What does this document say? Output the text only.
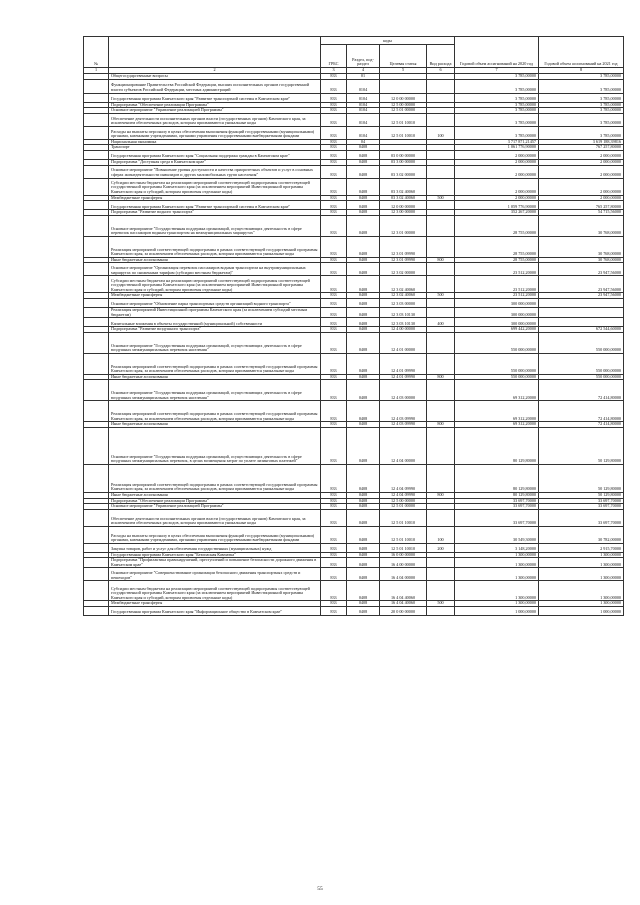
№		коды				Годовой объем ассигнований на 2020 год	Годовой объем ассигнований на 2021 год
		ГРБС	Раздел, под-раздел	Целевая статья	Вид расхода		
1	2	3	4	5	6	7	8
	Общегосударственные вопросы	833	01			3 785,00000	3 785,00000
	Функционирование Правительства Российской Федерации, высших исполнительных органов государственной власти субъектов Российской Федерации, местных администраций	833	0104			3 785,00000	3 785,00000
	Государственная программа Камчатского края "Развитие транспортной системы в Камчатском крае"	833	0104	12 0 00 00000		3 785,00000	3 785,00000
	Подпрограмма "Обеспечение реализации Программы"	833	0104	12 5 00 00000		3 785,00000	3 785,00000
	Основное мероприятие "Управление реализацией Программы"	833	0104	12 5 01 00000		3 785,00000	3 785,00000
	Обеспечение деятельности исполнительных органов власти (государственных органов) Камчатского края, за исключением обеспеченных расходов, которым присваиваются уникальные коды	833	0104	12 5 01 10010		3 785,00000	3 785,00000
	Расходы на выплаты персоналу в целях обеспечения выполнения функций государственными (муниципальными) органами, казенными учреждениями, органами управления государственными внебюджетными фондами	833	0104	12 5 01 10010	100	3 785,00000	3 785,00000
	Национальная экономика	833	04			3 717 871,21457	3 619 188,39816
	Транспорт	833	0408			1 061 776,90000	767 257,80000
	Государственная программа Камчатского края "Социальная поддержка граждан в Камчатском крае"	833	0408	03 0 00 00000		2 000,00000	2 000,00000
	Подпрограмма "Доступная среда в Камчатском крае"	833	0408	03 3 00 00000		2 000,00000	2 000,00000
	Основное мероприятие "Повышение уровня доступности и качества приоритетных объектов и услуг в основных сферах жизнедеятельности инвалидов и других маломобильных групп населения"	833	0408	03 3 02 00000		2 000,00000	2 000,00000
	Субсидии местным бюджетам на реализацию мероприятий соответствующей подпрограммы соответствующей государственной программы Камчатского края (за исключением мероприятий Инвестиционной программы Камчатского края и субсидий, которым присвоены отдельные коды)	833	0408	03 3 02 40060		2 000,00000	2 000,00000
	Межбюджетные трансферты	833	0408	03 3 02 40060	500	2 000,00000	2 000,00000
	Государственная программа Камчатского края "Развитие транспортной системы в Камчатском крае"	833	0408	12 0 00 00000		1 059 776,90000	765 257,80000
	Подпрограмма "Развитие водного транспорта"	833	0408	12 3 00 00000		352 267,20000	54 715,56000
	Основное мероприятие "Государственная поддержка организаций, осуществляющих деятельность в сфере перевозок пассажиров водным транспортом на межмуниципальных маршрутах"	833	0408	12 3 01 00000		28 755,00000	30 768,00000
	Реализация мероприятий соответствующей подпрограммы в рамках соответствующей государственной программы Камчатского края, за исключением обеспеченных расходов, которым присваиваются уникальные коды	833	0408	12 3 01 09990		28 755,00000	30 768,00000
	Иные бюджетные ассигнования	833	0408	12 3 01 09990	800	28 755,00000	30 768,00000
	Основное мероприятие "Организация перевозок пассажиров водным транспортом на внутримуниципальных маршрутах по сниженным тарифам (субсидии местным бюджетам)"	833	0408	12 3 02 00000		23 512,20000	23 947,56000
	Субсидии местным бюджетам на реализацию мероприятий соответствующей подпрограммы соответствующей государственной программы Камчатского края (за исключением мероприятий Инвестиционной программы Камчатского края и субсидий, которым присвоены отдельные коды)	833	0408	12 3 02 40060		23 512,20000	23 947,56000
	Межбюджетные трансферты	833	0408	12 3 02 40060	500	23 512,20000	23 947,56000
	Основное мероприятие "Обновление парка транспортных средств организаций водного транспорта"	833	0408	12 3 03 00000		300 000,00000	
	Реализация мероприятий Инвестиционной программы Камчатского края (за исключением субсидий местным бюджетам)	833	0408	12 3 03 10130		300 000,00000	
	Капитальные вложения в объекты государственной (муниципальной) собственности	833	0408	12 3 03 10130	400	300 000,00000	
	Подпрограмма "Развитие воздушного транспорта"	833	0408	12 4 00 00000		699 442,20000	672 544,60000
	Основное мероприятие "Государственная поддержка организаций, осуществляющих деятельность в сфере воздушных межмуниципальных перевозок населения"	833	0408	12 4 01 00000		550 000,00000	550 000,00000
	Реализация мероприятий соответствующей подпрограммы в рамках соответствующей государственной программы Камчатского края, за исключением обеспеченных расходов, которым присваиваются уникальные коды	833	0408	12 4 01 09990		550 000,00000	550 000,00000
	Иные бюджетные ассигнования	833	0408	12 4 01 09990	800	550 000,00000	550 000,00000
	Основное мероприятие "Государственная поддержка организаций, осуществляющих деятельность в сфере воздушных межмуниципальных перевозок населения"	833	0408	12 4 03 00000		69 312,20000	72 414,80000
	Реализация мероприятий соответствующей подпрограммы в рамках соответствующей государственной программы Камчатского края, за исключением обеспеченных расходов, которым присваиваются уникальные коды	833	0408	12 4 03 09990		69 312,20000	72 414,80000
	Иные бюджетные ассигнования	833	0408	12 4 03 09990	800	69 312,20000	72 414,80000
	Основное мероприятие "Государственная поддержка организаций, осуществляющих деятельность в сфере воздушных межмуниципальных перевозок, в целях возмещения затрат по уплате лизинговых платежей"	833	0408	12 4 04 00000		80 129,80000	50 129,80000
	Реализация мероприятий соответствующей подпрограммы в рамках соответствующей государственной программы Камчатского края, за исключением обеспеченных расходов, которым присваиваются уникальные коды	833	0408	12 4 04 09990		80 129,80000	50 129,80000
	Иные бюджетные ассигнования	833	0408	12 4 04 09990	800	80 129,80000	50 129,80000
	Подпрограмма "Обеспечение реализации Программы"	833	0408	12 5 00 00000		33 697,70000	33 697,70000
	Основное мероприятие "Управление реализацией Программы"	833	0408	12 5 01 00000		33 697,70000	33 697,70000
	Обеспечение деятельности исполнительных органов власти (государственных органов) Камчатского края, за исключением обеспеченных расходов, которым присваиваются уникальные коды	833	0408	12 5 01 10010		33 697,70000	33 697,70000
	Расходы на выплаты персоналу в целях обеспечения выполнения функций государственными (муниципальными) органами, казенными учреждениями, органами управления государственными внебюджетными фондами	833	0408	12 5 01 10010	100	30 549,30000	30 782,00000
	Закупка товаров, работ и услуг для обеспечения государственных (муниципальных) нужд	833	0408	12 5 01 10010	200	3 148,20000	2 915,70000
	Государственная программа Камчатского края "Безопасная Камчатка"	833	0408	16 0 00 00000		1 300,00000	1 300,00000
	Подпрограмма "Профилактика правонарушений, преступлений и повышение безопасности дорожного движения в Камчатском крае"	833	0408	16 4 00 00000		1 300,00000	1 300,00000
	Основное мероприятие "Совершенствование организации безопасного движения транспортных средств и пешеходов"	833	0408	16 4 04 00000		1 300,00000	1 300,00000
	Субсидии местным бюджетам на реализацию мероприятий соответствующей подпрограммы соответствующей государственной программы Камчатского края (за исключением мероприятий Инвестиционной программы Камчатского края и субсидий, которым присвоены отдельные коды)	833	0408	16 4 04 40060		1 300,00000	1 300,00000
	Межбюджетные трансферты	833	0408	16 4 04 40060	500	1 300,00000	1 300,00000
	Государственная программа Камчатского края "Информационное общество в Камчатском крае"	833	0408	20 0 00 00000		1 000,00000	1 000,00000
55
